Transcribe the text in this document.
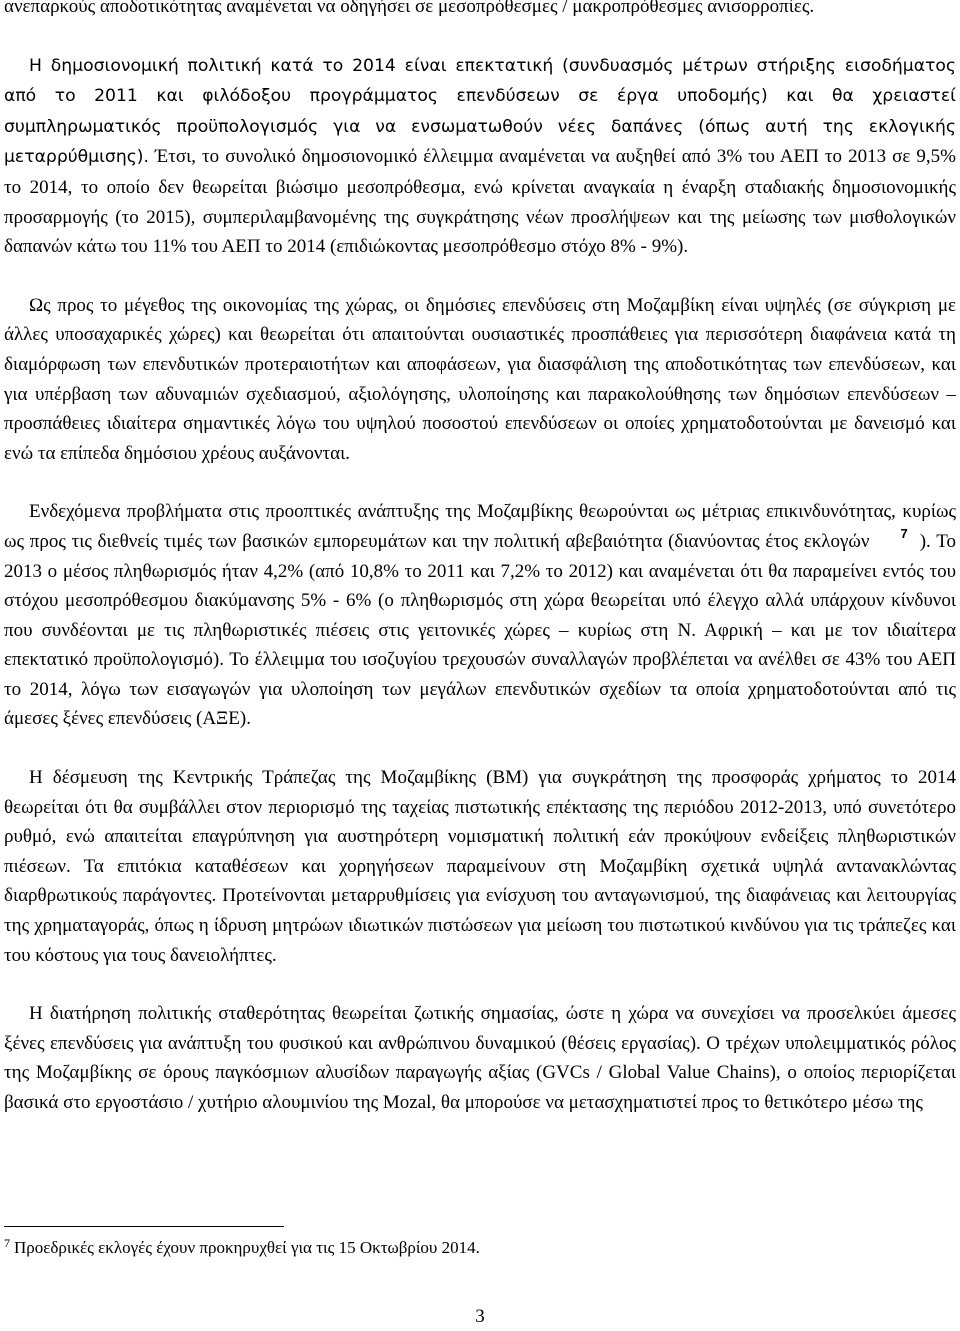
ανεπαρκούς αποδοτικότητας αναμένεται να οδηγήσει σε μεσοπρόθεσμες / μακροπρόθεσμες ανισορροπίες.

Η δημοσιονομική πολιτική κατά το 2014 είναι επεκτατική (συνδυασμός μέτρων στήριξης εισοδήματος από το 2011 και φιλόδοξου προγράμματος επενδύσεων σε έργα υποδομής) και θα χρειαστεί συμπληρωματικός προϋπολογισμός για να ενσωματωθούν νέες δαπάνες (όπως αυτή της εκλογικής μεταρρύθμισης). Έτσι, το συνολικό δημοσιονομικό έλλειμμα αναμένεται να αυξηθεί από 3% του ΑΕΠ το 2013 σε 9,5% το 2014, το οποίο δεν θεωρείται βιώσιμο μεσοπρόθεσμα, ενώ κρίνεται αναγκαία η έναρξη σταδιακής δημοσιονομικής προσαρμογής (το 2015), συμπεριλαμβανομένης της συγκράτησης νέων προσλήψεων και της μείωσης των μισθολογικών δαπανών κάτω του 11% του ΑΕΠ το 2014 (επιδιώκοντας μεσοπρόθεσμο στόχο 8% - 9%).

Ως προς το μέγεθος της οικονομίας της χώρας, οι δημόσιες επενδύσεις στη Μοζαμβίκη είναι υψηλές (σε σύγκριση με άλλες υποσαχαρικές χώρες) και θεωρείται ότι απαιτούνται ουσιαστικές προσπάθειες για περισσότερη διαφάνεια κατά τη διαμόρφωση των επενδυτικών προτεραιοτήτων και αποφάσεων, για διασφάλιση της αποδοτικότητας των επενδύσεων, και για υπέρβαση των αδυναμιών σχεδιασμού, αξιολόγησης, υλοποίησης και παρακολούθησης των δημόσιων επενδύσεων – προσπάθειες ιδιαίτερα σημαντικές λόγω του υψηλού ποσοστού επενδύσεων οι οποίες χρηματοδοτούνται με δανεισμό και ενώ τα επίπεδα δημόσιου χρέους αυξάνονται.

Ενδεχόμενα προβλήματα στις προοπτικές ανάπτυξης της Μοζαμβίκης θεωρούνται ως μέτριας επικινδυνότητας, κυρίως ως προς τις διεθνείς τιμές των βασικών εμπορευμάτων και την πολιτική αβεβαιότητα (διανύοντας έτος εκλογών 7 ). Το 2013 ο μέσος πληθωρισμός ήταν 4,2% (από 10,8% το 2011 και 7,2% το 2012) και αναμένεται ότι θα παραμείνει εντός του στόχου μεσοπρόθεσμου διακύμανσης 5% - 6% (ο πληθωρισμός στη χώρα θεωρείται υπό έλεγχο αλλά υπάρχουν κίνδυνοι που συνδέονται με τις πληθωριστικές πιέσεις στις γειτονικές χώρες – κυρίως στη Ν. Αφρική – και με τον ιδιαίτερα επεκτατικό προϋπολογισμό). Το έλλειμμα του ισοζυγίου τρεχουσών συναλλαγών προβλέπεται να ανέλθει σε 43% του ΑΕΠ το 2014, λόγω των εισαγωγών για υλοποίηση των μεγάλων επενδυτικών σχεδίων τα οποία χρηματοδοτούνται από τις άμεσες ξένες επενδύσεις (ΑΞΕ).

Η δέσμευση της Κεντρικής Τράπεζας της Μοζαμβίκης (ΒΜ) για συγκράτηση της προσφοράς χρήματος το 2014 θεωρείται ότι θα συμβάλλει στον περιορισμό της ταχείας πιστωτικής επέκτασης της περιόδου 2012-2013, υπό συνετότερο ρυθμό, ενώ απαιτείται επαγρύπνηση για αυστηρότερη νομισματική πολιτική εάν προκύψουν ενδείξεις πληθωριστικών πιέσεων. Τα επιτόκια καταθέσεων και χορηγήσεων παραμείνουν στη Μοζαμβίκη σχετικά υψηλά αντανακλώντας διαρθρωτικούς παράγοντες. Προτείνονται μεταρρυθμίσεις για ενίσχυση του ανταγωνισμού, της διαφάνειας και λειτουργίας της χρηματαγοράς, όπως η ίδρυση μητρώων ιδιωτικών πιστώσεων για μείωση του πιστωτικού κινδύνου για τις τράπεζες και του κόστους για τους δανειολήπτες.

Η διατήρηση πολιτικής σταθερότητας θεωρείται ζωτικής σημασίας, ώστε η χώρα να συνεχίσει να προσελκύει άμεσες ξένες επενδύσεις για ανάπτυξη του φυσικού και ανθρώπινου δυναμικού (θέσεις εργασίας). Ο τρέχων υπολειμματικός ρόλος της Μοζαμβίκης σε όρους παγκόσμιων αλυσίδων παραγωγής αξίας (GVCs / Global Value Chains), ο οποίος περιορίζεται βασικά στο εργοστάσιο / χυτήριο αλουμινίου της Mozal, θα μπορούσε να μετασχηματιστεί προς το θετικότερο μέσω της

$^7$ Προεδρικές εκλογές έχουν προκηρυχθεί για τις 15 Οκτωβρίου 2014.
3
